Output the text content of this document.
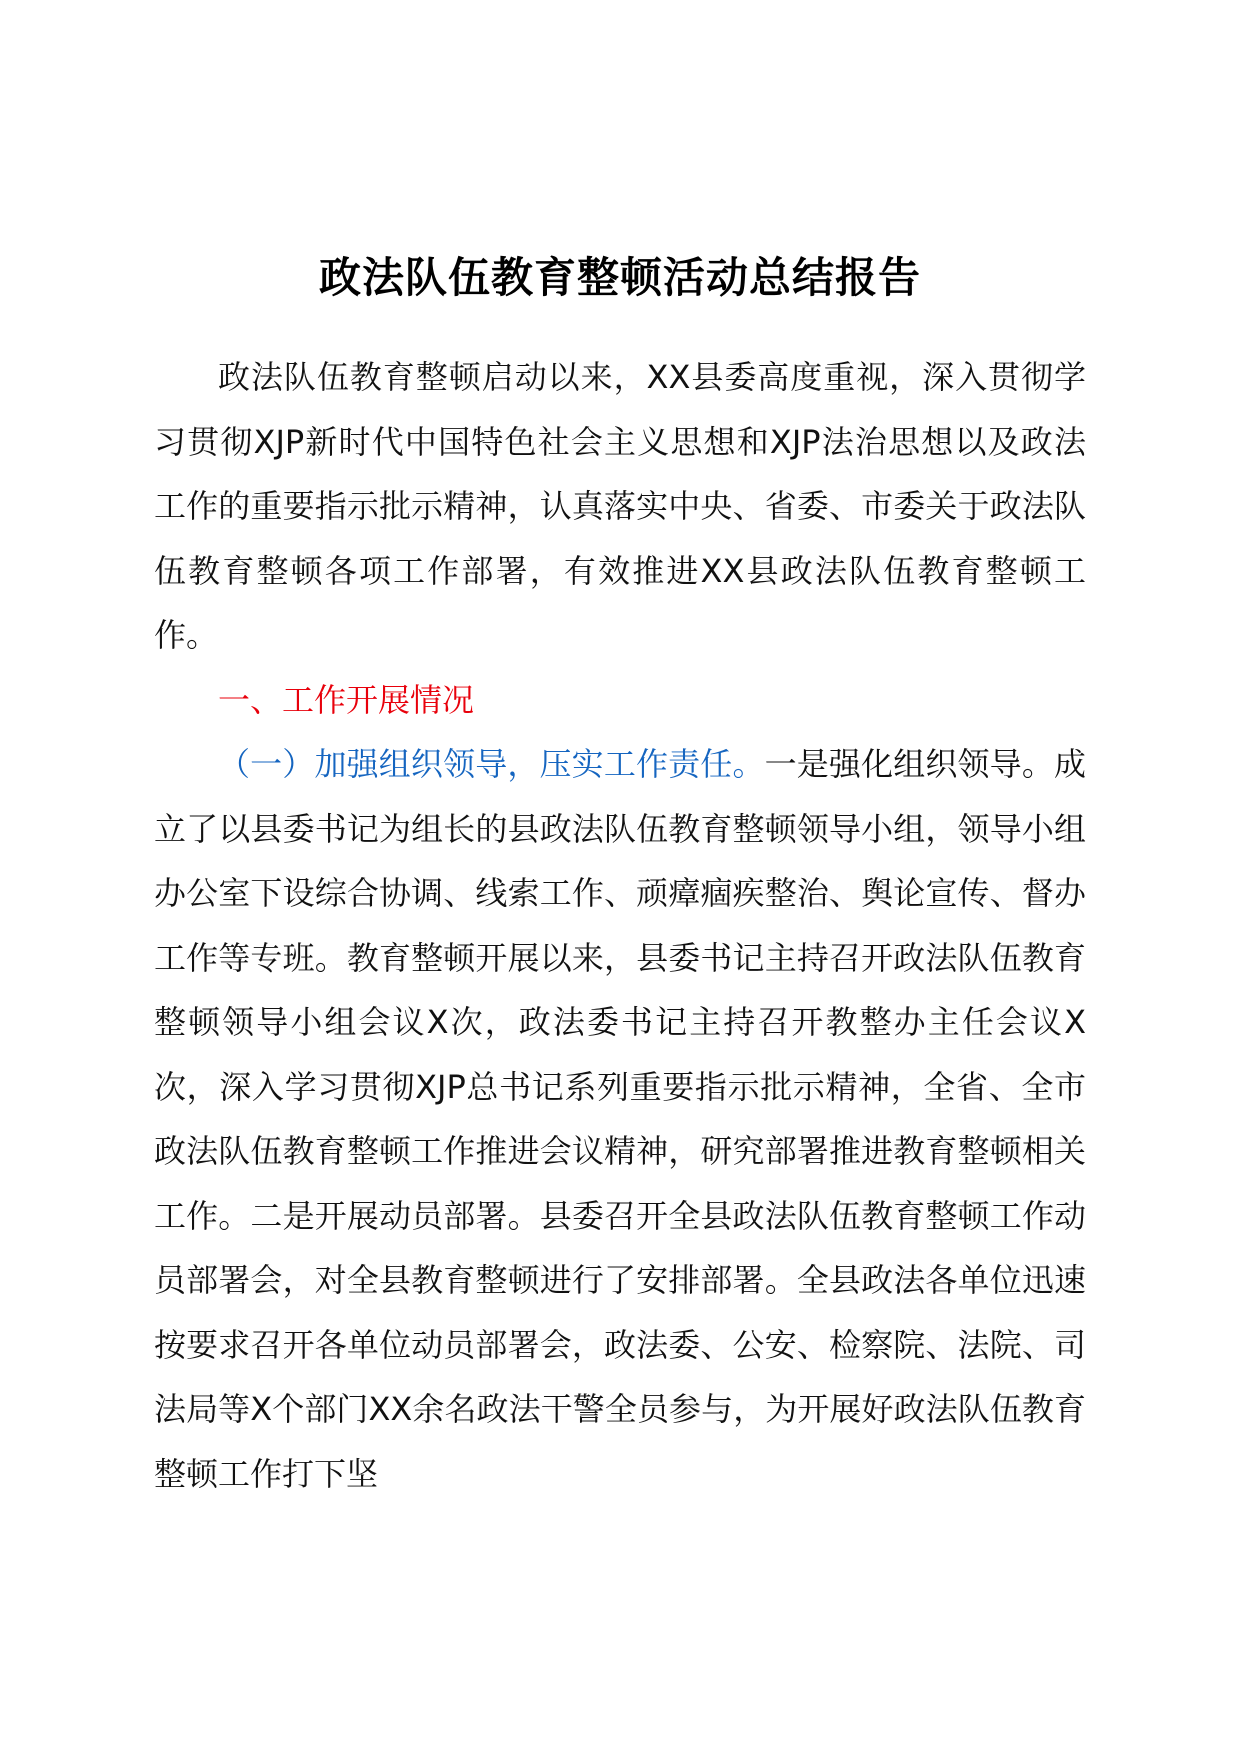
政法队伍教育整顿活动总结报告

政法队伍教育整顿启动以来，XX县委高度重视，深入贯彻学习贯彻XJP新时代中国特色社会主义思想和XJP法治思想以及政法工作的重要指示批示精神，认真落实中央、省委、市委关于政法队伍教育整顿各项工作部署，有效推进XX县政法队伍教育整顿工作。

一、工作开展情况

（一）加强组织领导，压实工作责任。一是强化组织领导。成立了以县委书记为组长的县政法队伍教育整顿领导小组，领导小组办公室下设综合协调、线索工作、顽瘴痼疾整治、舆论宣传、督办工作等专班。教育整顿开展以来，县委书记主持召开政法队伍教育整顿领导小组会议X次，政法委书记主持召开教整办主任会议X次，深入学习贯彻XJP总书记系列重要指示批示精神，全省、全市政法队伍教育整顿工作推进会议精神，研究部署推进教育整顿相关工作。二是开展动员部署。县委召开全县政法队伍教育整顿工作动员部署会，对全县教育整顿进行了安排部署。全县政法各单位迅速按要求召开各单位动员部署会，政法委、公安、检察院、法院、司法局等X个部门XX余名政法干警全员参与，为开展好政法队伍教育整顿工作打下坚
